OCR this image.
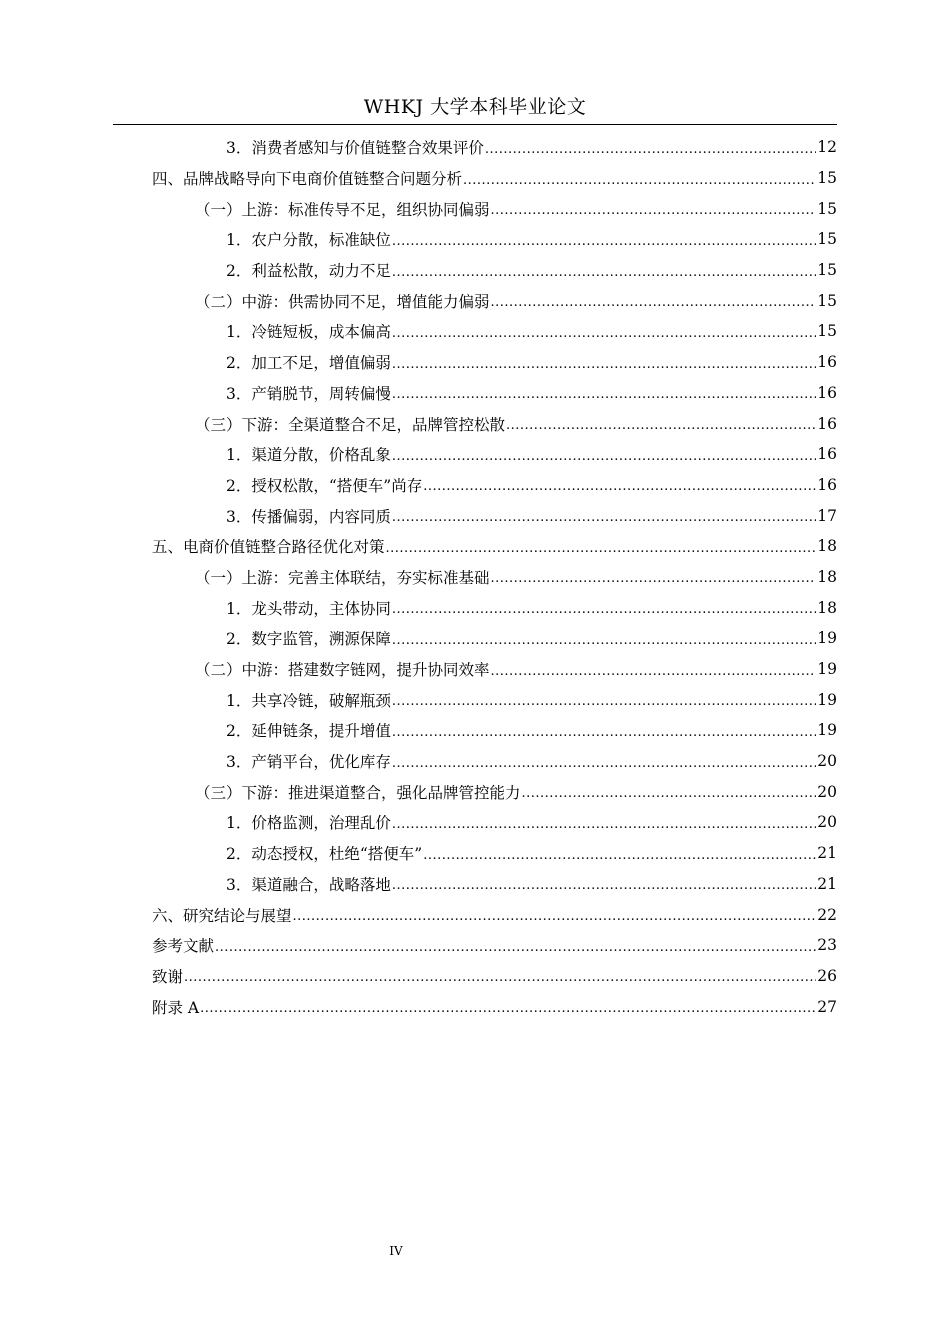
WHKJ 大学本科毕业论文
3．消费者感知与价值链整合效果评价 .....	12
四、品牌战略导向下电商价值链整合问题分析 .....	15
（一）上游：标准传导不足，组织协同偏弱 .....	15
1．农户分散，标准缺位 .....	15
2．利益松散，动力不足 .....	15
（二）中游：供需协同不足，增值能力偏弱 .....	15
1．冷链短板，成本偏高 .....	15
2．加工不足，增值偏弱 .....	16
3．产销脱节，周转偏慢 .....	16
（三）下游：全渠道整合不足，品牌管控松散 .....	16
1．渠道分散，价格乱象 .....	16
2．授权松散，“搭便车”尚存 .....	16
3．传播偏弱，内容同质 .....	17
五、电商价值链整合路径优化对策 .....	18
（一）上游：完善主体联结，夯实标准基础 .....	18
1．龙头带动，主体协同 .....	18
2．数字监管，溯源保障 .....	19
（二）中游：搭建数字链网，提升协同效率 .....	19
1．共享冷链，破解瓶颈 .....	19
2．延伸链条，提升增值 .....	19
3．产销平台，优化库存 .....	20
（三）下游：推进渠道整合，强化品牌管控能力 .....	20
1．价格监测，治理乱价 .....	20
2．动态授权，杜绝“搭便车” .....	21
3．渠道融合，战略落地 .....	21
六、研究结论与展望 .....	22
参考文献 .....	23
致谢 .....	26
附录 A .....	27
IV
